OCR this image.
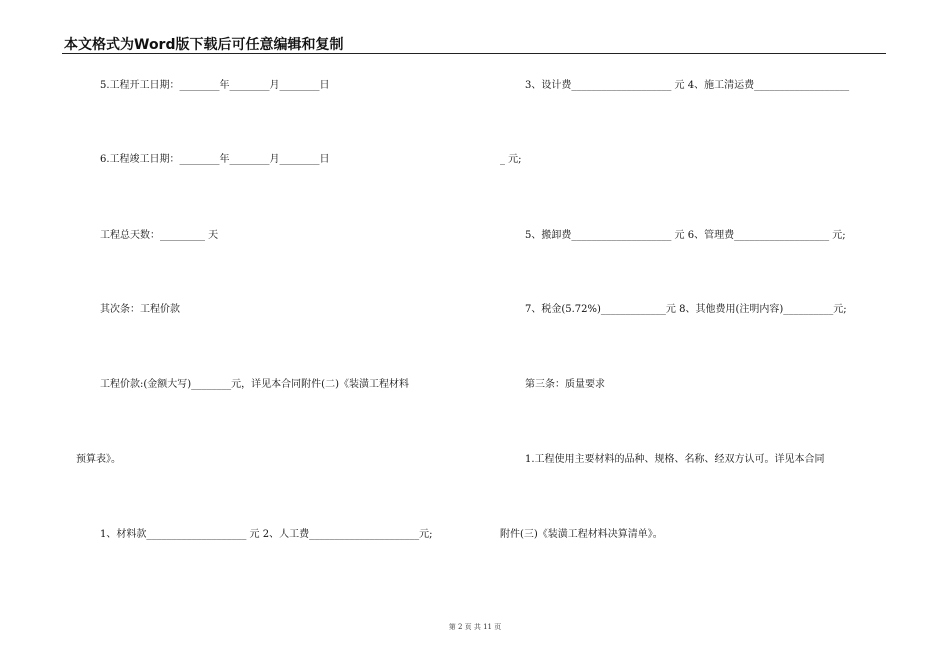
本文格式为Word版下载后可任意编辑和复制
5.工程开工日期：________年________月________日
6.工程竣工日期：________年________月________日
工程总天数：_________ 天
其次条：工程价款
工程价款:(金额大写)________元，详见本合同附件(二)《装潢工程材料
预算表》。
1、材料款____________________ 元 2、人工费______________________元;
3、设计费____________________ 元 4、施工清运费___________________
_ 元;
5、搬卸费____________________ 元 6、管理费___________________ 元;
7、税金(5.72%)_____________元 8、其他费用(注明内容)__________元;
第三条：质量要求
1.工程使用主要材料的品种、规格、名称、经双方认可。详见本合同
附件(三)《装潢工程材料决算清单》。
第 2 页 共 11 页
